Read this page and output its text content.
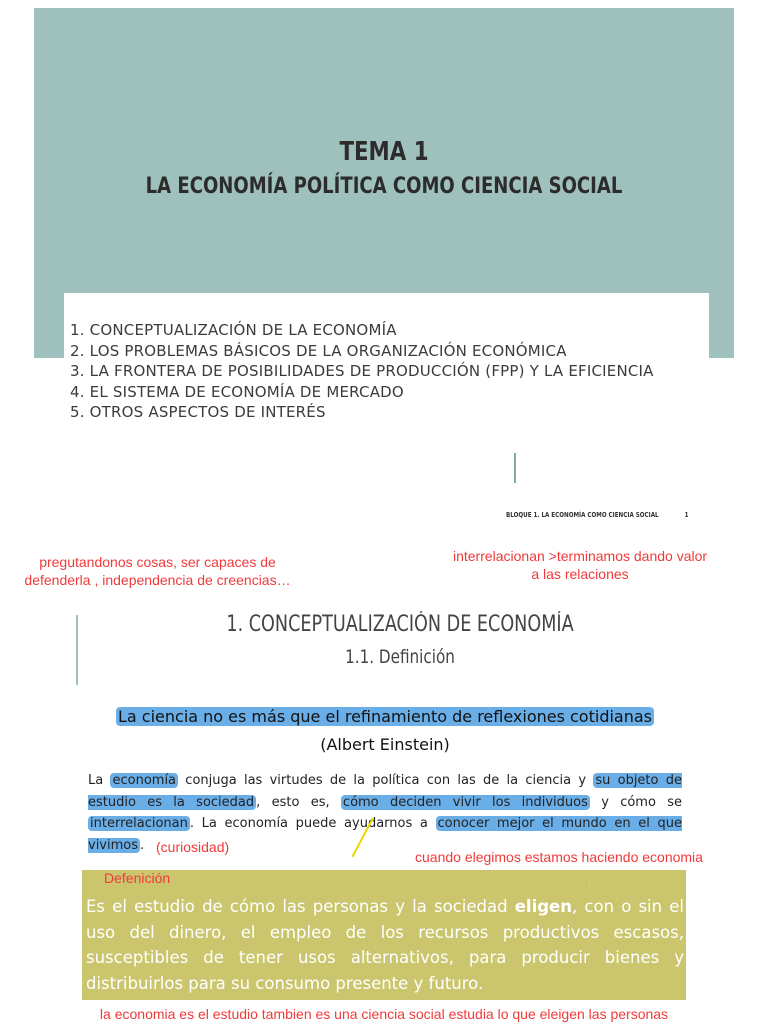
TEMA 1
LA ECONOMÍA POLÍTICA COMO CIENCIA SOCIAL
1. CONCEPTUALIZACIÓN DE LA ECONOMÍA
2. LOS PROBLEMAS BÁSICOS DE LA ORGANIZACIÓN ECONÓMICA
3. LA FRONTERA DE POSIBILIDADES DE PRODUCCIÓN (FPP) Y LA EFICIENCIA
4. EL SISTEMA DE ECONOMÍA DE MERCADO
5. OTROS ASPECTOS DE INTERÉS
BLOQUE 1. LA ECONOMÍA COMO CIENCIA SOCIAL	1
pregutandonos cosas, ser capaces de defenderla , independencia de creencias…
interrelacionan >terminamos dando valor a las relaciones
1. CONCEPTUALIZACIÓN DE ECONOMÍA
1.1. Definición
La ciencia no es más que el refinamiento de reflexiones cotidianas
(Albert Einstein)
La economía conjuga las virtudes de la política con las de la ciencia y su objeto de estudio es la sociedad , esto es, cómo deciden vivir los individuos y cómo se interrelacionan . La economía puede ayudarnos a conocer mejor el mundo en el que vivimos . (curiosidad)
cuando elegimos estamos haciendo economia
Defenición
Es el estudio de cómo las personas y la sociedad eligen, con o sin el uso del dinero, el empleo de los recursos productivos escasos, susceptibles de tener usos alternativos, para producir bienes y distribuirlos para su consumo presente y futuro.
la economia es el estudio tambien es una ciencia social estudia lo que eleigen las personas
